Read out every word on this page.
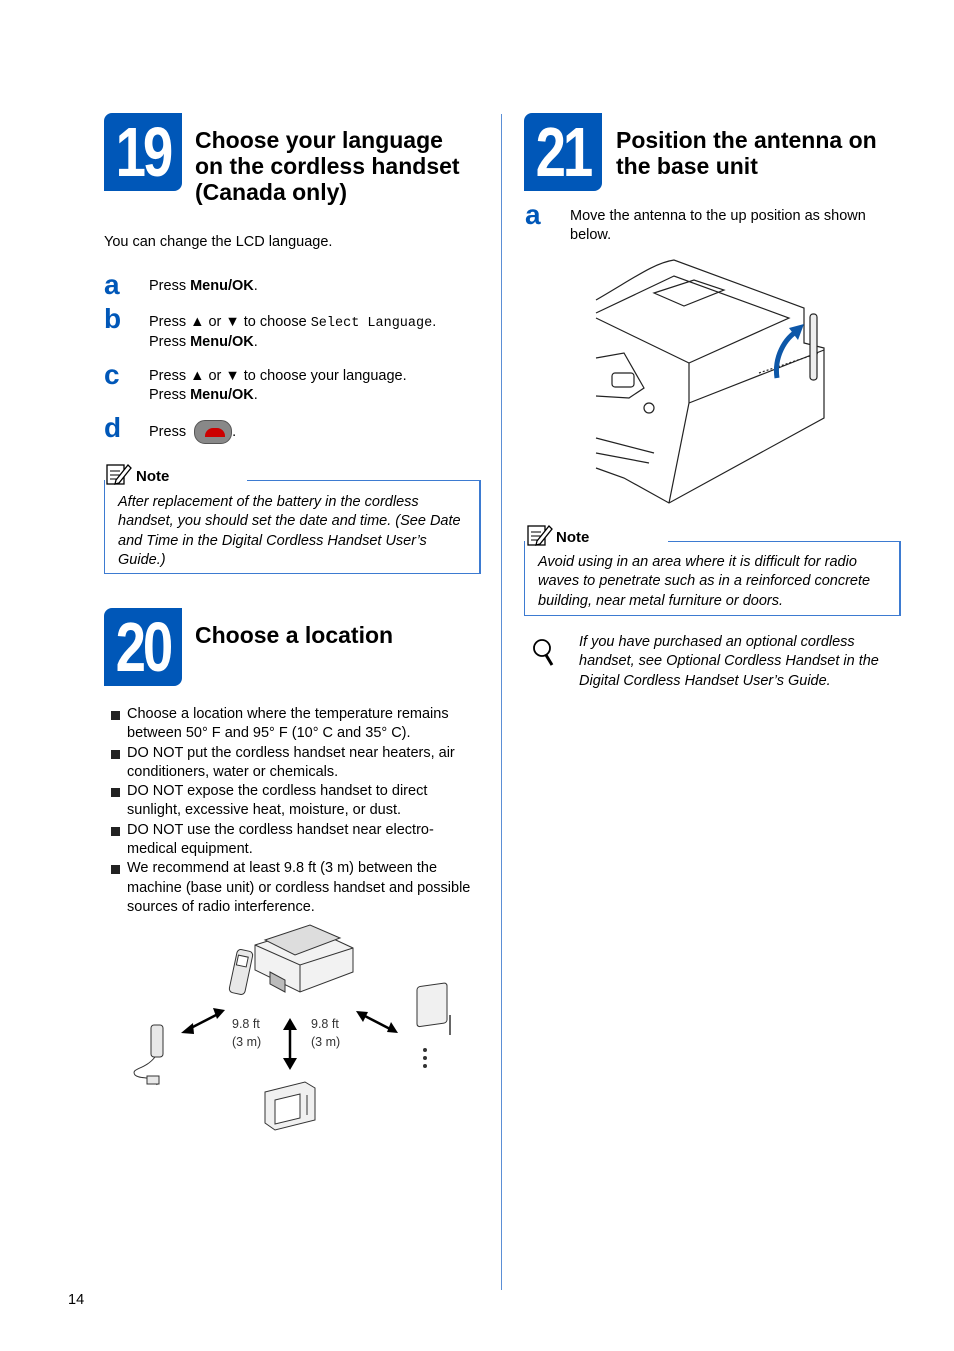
19	Choose your language
on the cordless handset
(Canada only)
You can change the LCD language.
a Press Menu/OK.
b Press ▲ or ▼ to choose Select Language.
Press Menu/OK.
c Press ▲ or ▼ to choose your language.
Press Menu/OK.
d Press	.
Note
After replacement of the battery in the cordless handset, you should set the date and time. (See Date and Time in the Digital Cordless Handset User’s Guide.)
20	Choose a location
Choose a location where the temperature remains between 50° F and 95° F (10° C and 35° C).
DO NOT put the cordless handset near heaters, air conditioners, water or chemicals.
DO NOT expose the cordless handset to direct sunlight, excessive heat, moisture, or dust.
DO NOT use the cordless handset near electro-medical equipment.
We recommend at least 9.8 ft (3 m) between the machine (base unit) or cordless handset and possible sources of radio interference.
9.8 ft
(3 m)
9.8 ft
(3 m)
21	Position the antenna on
the base unit
a Move the antenna to the up position as shown below.
Note
Avoid using in an area where it is difficult for radio waves to penetrate such as in a reinforced concrete building, near metal furniture or doors.
If you have purchased an optional cordless handset, see Optional Cordless Handset in the Digital Cordless Handset User’s Guide.
14
